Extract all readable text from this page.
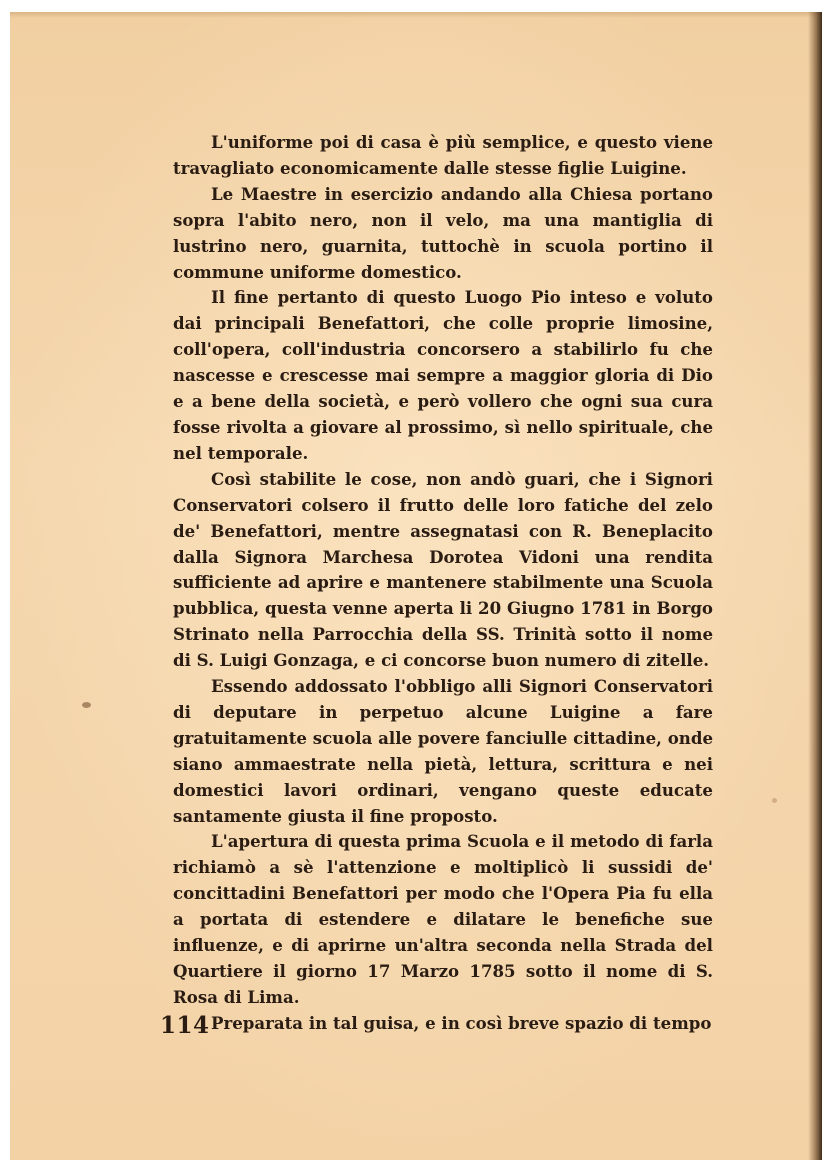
L'uniforme poi di casa è più semplice, e questo viene travagliato economicamente dalle stesse figlie Luigine.

Le Maestre in esercizio andando alla Chiesa portano sopra l'abito nero, non il velo, ma una mantiglia di lustrino nero, guarnita, tuttochè in scuola portino il commune uniforme domestico.

Il fine pertanto di questo Luogo Pio inteso e voluto dai principali Benefattori, che colle proprie limosine, coll'opera, coll'industria concorsero a stabilirlo fu che nascesse e crescesse mai sempre a maggior gloria di Dio e a bene della società, e però vollero che ogni sua cura fosse rivolta a giovare al prossimo, sì nello spirituale, che nel temporale.

Così stabilite le cose, non andò guari, che i Signori Conservatori colsero il frutto delle loro fatiche del zelo de' Benefattori, mentre assegnatasi con R. Beneplacito dalla Signora Marchesa Dorotea Vidoni una rendita sufficiente ad aprire e mantenere stabilmente una Scuola pubblica, questa venne aperta li 20 Giugno 1781 in Borgo Strinato nella Parrocchia della SS. Trinità sotto il nome di S. Luigi Gonzaga, e ci concorse buon numero di zitelle.

Essendo addossato l'obbligo alli Signori Conservatori di deputare in perpetuo alcune Luigine a fare gratuitamente scuola alle povere fanciulle cittadine, onde siano ammaestrate nella pietà, lettura, scrittura e nei domestici lavori ordinari, vengano queste educate santamente giusta il fine proposto.

L'apertura di questa prima Scuola e il metodo di farla richiamò a sè l'attenzione e moltiplicò li sussidi de' concittadini Benefattori per modo che l'Opera Pia fu ella a portata di estendere e dilatare le benefiche sue influenze, e di aprirne un'altra seconda nella Strada del Quartiere il giorno 17 Marzo 1785 sotto il nome di S. Rosa di Lima.

Preparata in tal guisa, e in così breve spazio di tempo

114
